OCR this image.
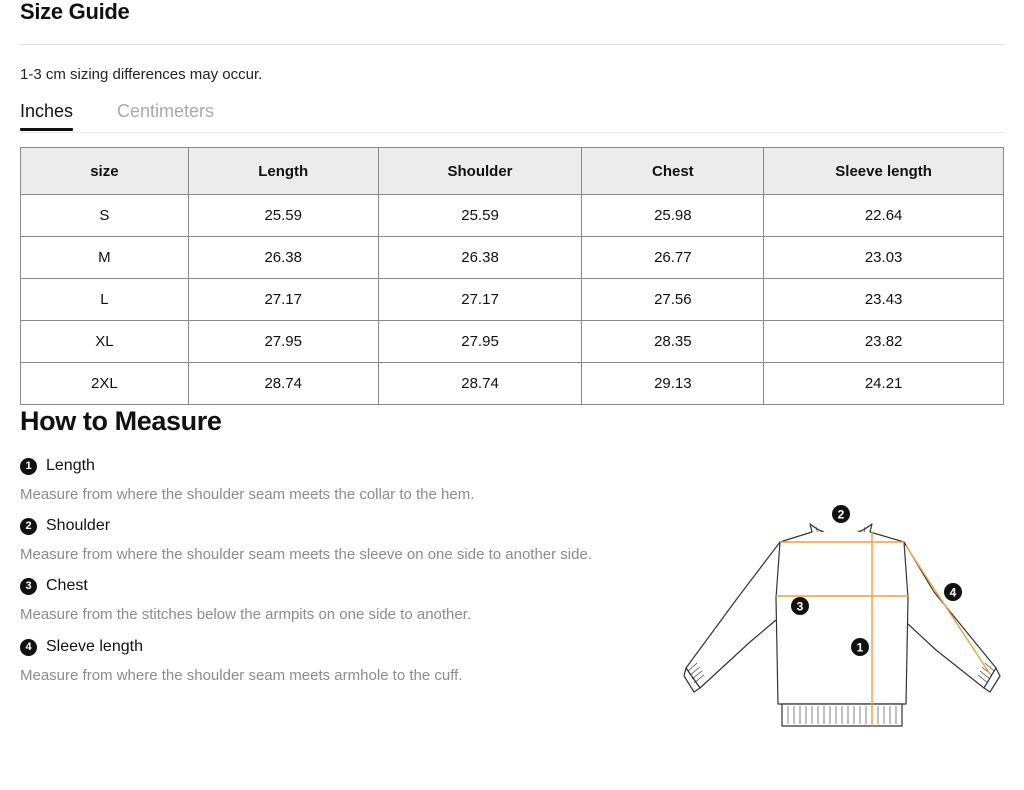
Size Guide
1-3 cm sizing differences may occur.
Inches Centimeters
size	Length	Shoulder	Chest	Sleeve length
S	25.59	25.59	25.98	22.64
M	26.38	26.38	26.77	23.03
L	27.17	27.17	27.56	23.43
XL	27.95	27.95	28.35	23.82
2XL	28.74	28.74	29.13	24.21
How to Measure
1 Length
Measure from where the shoulder seam meets the collar to the hem.
2 Shoulder
Measure from where the shoulder seam meets the sleeve on one side to another side.
3 Chest
Measure from the stitches below the armpits on one side to another.
4 Sleeve length
Measure from where the shoulder seam meets armhole to the cuff.
2
3
1
4
